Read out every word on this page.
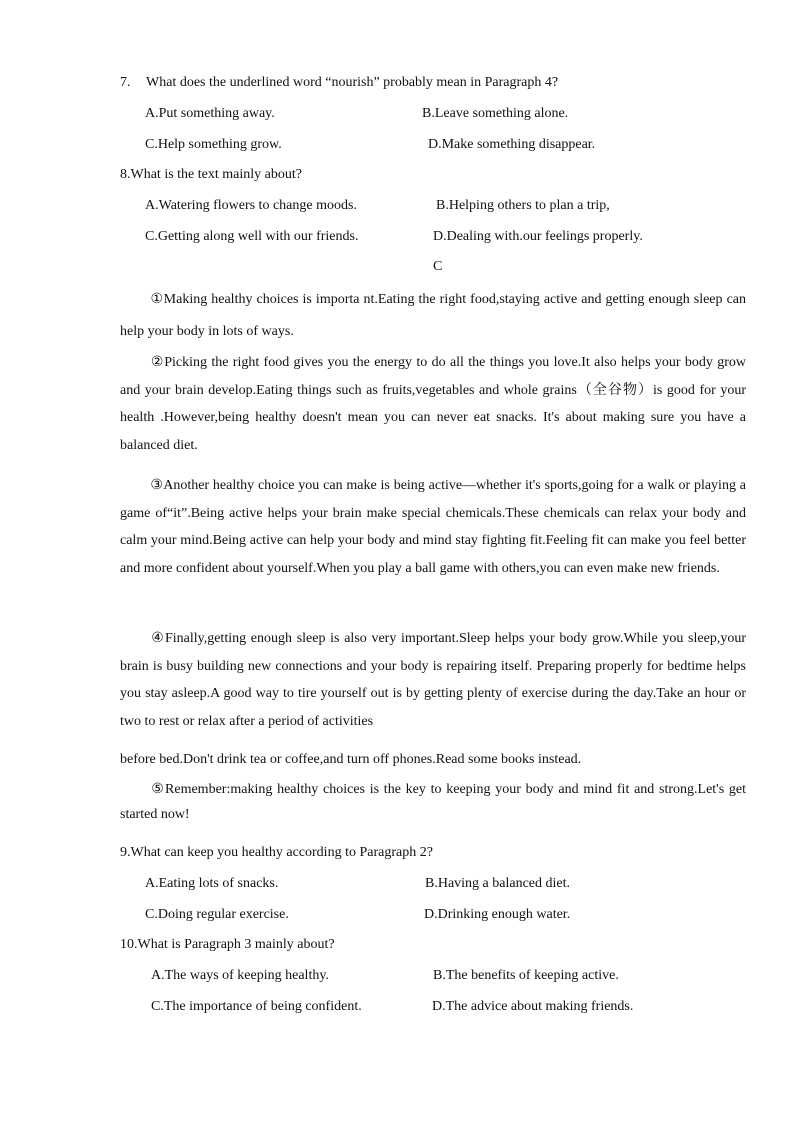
7. What does the underlined word “nourish” probably mean in Paragraph 4?
A.Put something away.	B.Leave something alone.
C.Help something grow.	D.Make something disappear.
8.What is the text mainly about?
A.Watering flowers to change moods.	B.Helping others to plan a trip,
C.Getting along well with our friends.	D.Dealing with.our feelings properly.
C
①Making healthy choices is importa nt.Eating the right food,staying active and getting enough sleep can help your body in lots of ways.
②Picking the right food gives you the energy to do all the things you love.It also helps your body grow and your brain develop.Eating things such as fruits,vegetables and whole grains（全谷物）is good for your health .However,being healthy doesn't mean you can never eat snacks. It's about making sure you have a balanced diet.
③Another healthy choice you can make is being active—whether it's sports,going for a walk or playing a game of“it”.Being active helps your brain make special chemicals.These chemicals can relax your body and calm your mind.Being active can help your body and mind stay fighting fit.Feeling fit can make you feel better and more confident about yourself.When you play a ball game with others,you can even make new friends.
④Finally,getting enough sleep is also very important.Sleep helps your body grow.While you sleep,your brain is busy building new connections and your body is repairing itself. Preparing properly for bedtime helps you stay asleep.A good way to tire yourself out is by getting plenty of exercise during the day.Take an hour or two to rest or relax after a period of activities
before bed.Don't drink tea or coffee,and turn off phones.Read some books instead.
⑤Remember:making healthy choices is the key to keeping your body and mind fit and strong.Let's get started now!
9.What can keep you healthy according to Paragraph 2?
A.Eating lots of snacks.	B.Having a balanced diet.
C.Doing regular exercise.	D.Drinking enough water.
10.What is Paragraph 3 mainly about?
A.The ways of keeping healthy.	B.The benefits of keeping active.
C.The importance of being confident.	D.The advice about making friends.
